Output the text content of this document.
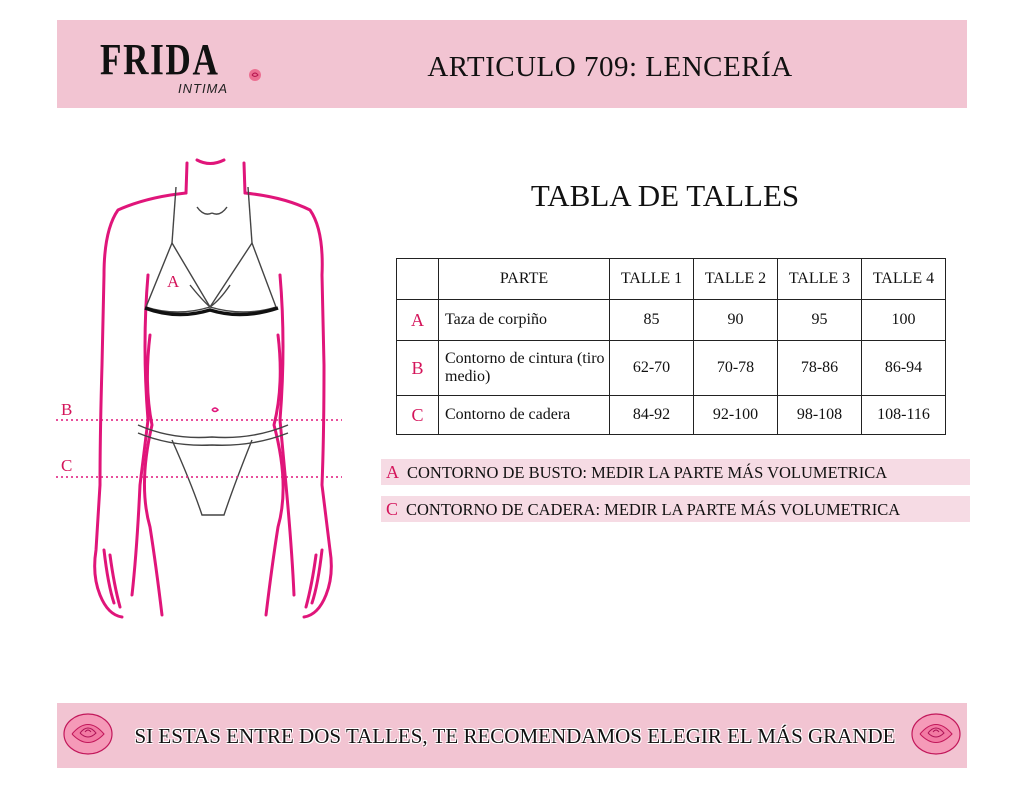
FRIDA
INTIMA
ARTICULO 709: LENCERÍA
A
B
C
TABLA DE TALLES
	PARTE	TALLE 1	TALLE 2	TALLE 3	TALLE 4
A	Taza de corpiño	85	90	95	100
B	Contorno de cintura (tiro medio)	62-70	70-78	78-86	86-94
C	Contorno de cadera	84-92	92-100	98-108	108-116
A CONTORNO DE BUSTO: MEDIR LA PARTE MÁS VOLUMETRICA
C CONTORNO DE CADERA: MEDIR LA PARTE MÁS VOLUMETRICA
SI ESTAS ENTRE DOS TALLES, TE RECOMENDAMOS ELEGIR EL MÁS GRANDE
